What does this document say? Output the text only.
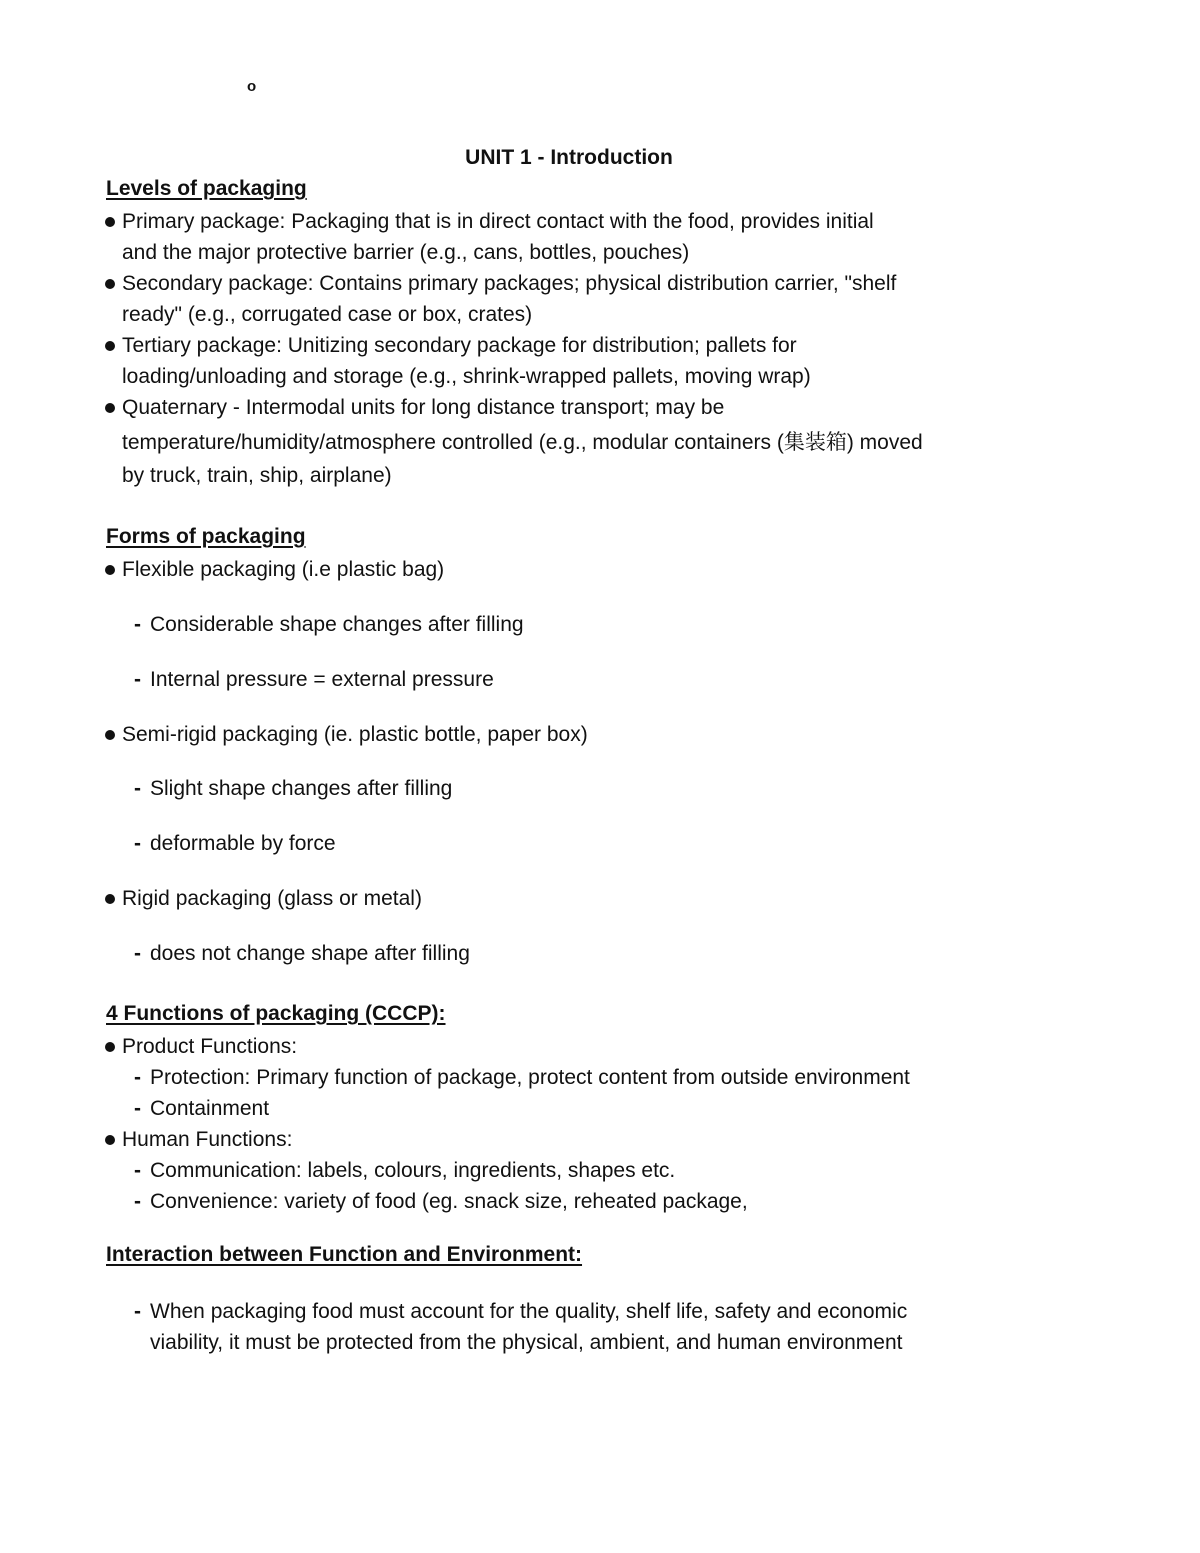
o
UNIT 1 - Introduction
Levels of packaging
Primary package: Packaging that is in direct contact with the food, provides initial
and the major protective barrier (e.g., cans, bottles, pouches)
Secondary package: Contains primary packages; physical distribution carrier, "shelf
ready" (e.g., corrugated case or box, crates)
Tertiary package: Unitizing secondary package for distribution; pallets for
loading/unloading and storage (e.g., shrink-wrapped pallets, moving wrap)
Quaternary - Intermodal units for long distance transport; may be
temperature/humidity/atmosphere controlled (e.g., modular containers (集装箱) moved
by truck, train, ship, airplane)
Forms of packaging
Flexible packaging (i.e plastic bag)
- Considerable shape changes after filling
- Internal pressure = external pressure
Semi-rigid packaging (ie. plastic bottle, paper box)
- Slight shape changes after filling
- deformable by force
Rigid packaging (glass or metal)
- does not change shape after filling
4 Functions of packaging (CCCP):
Product Functions:
- Protection: Primary function of package, protect content from outside environment
- Containment
Human Functions:
- Communication: labels, colours, ingredients, shapes etc.
- Convenience: variety of food (eg. snack size, reheated package,
Interaction between Function and Environment:
- When packaging food must account for the quality, shelf life, safety and economic
viability, it must be protected from the physical, ambient, and human environment
